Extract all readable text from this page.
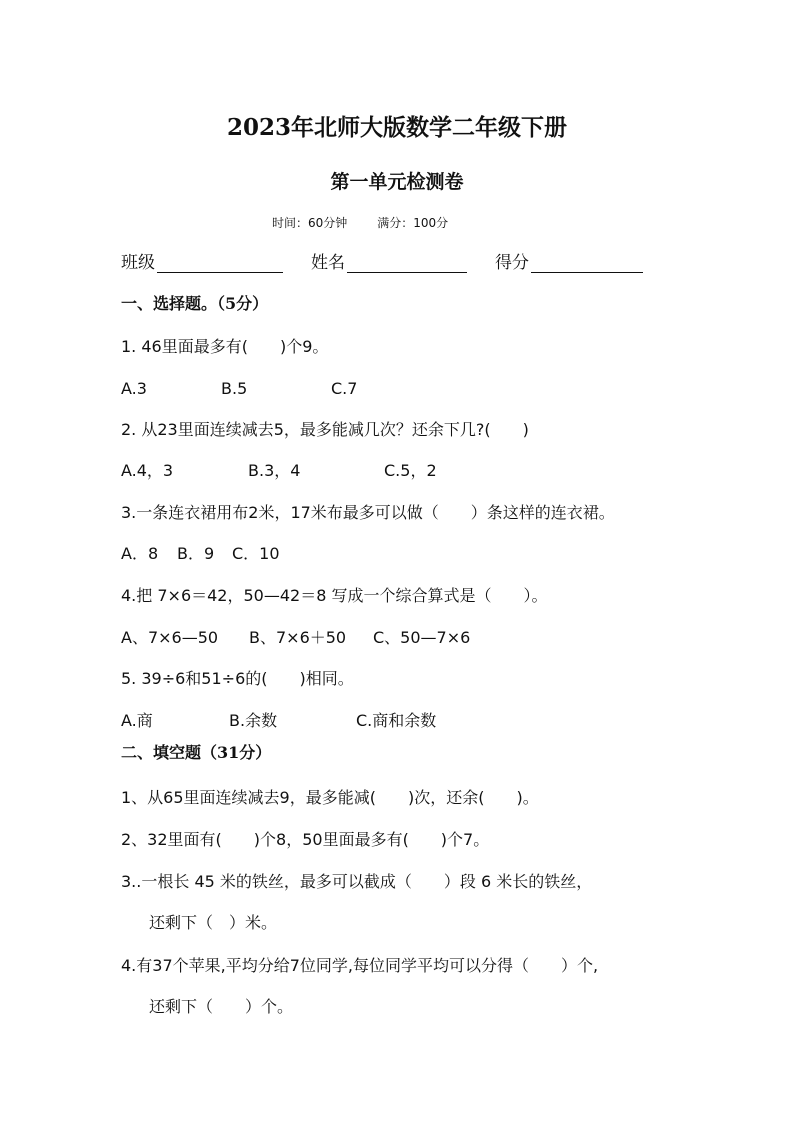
2023年北师大版数学二年级下册
第一单元检测卷
时间：60分钟	满分：100分
班级	姓名	得分
一、选择题。（5分）
1. 46里面最多有(　　)个9。
A.3	B.5	C.7
2. 从23里面连续减去5，最多能减几次？还余下几?(　　)
A.4，3	B.3，4	C.5，2
3.一条连衣裙用布2米，17米布最多可以做（　　）条这样的连衣裙。
A．8 B．9 C．10
4.把 7×6＝42，50—42＝8 写成一个综合算式是（　　）。
A、7×6—50 B、7×6＋50 C、50—7×6
5. 39÷6和51÷6的(　　)相同。
A.商	B.余数	C.商和余数
二、填空题（31分）
1、从65里面连续减去9，最多能减(　　)次，还余(　　)。
2、32里面有(　　)个8，50里面最多有(　　)个7。
3..一根长 45 米的铁丝，最多可以截成（　　）段 6 米长的铁丝，
还剩下（　）米。
4.有37个苹果,平均分给7位同学,每位同学平均可以分得（　　）个,
还剩下（　　）个。
